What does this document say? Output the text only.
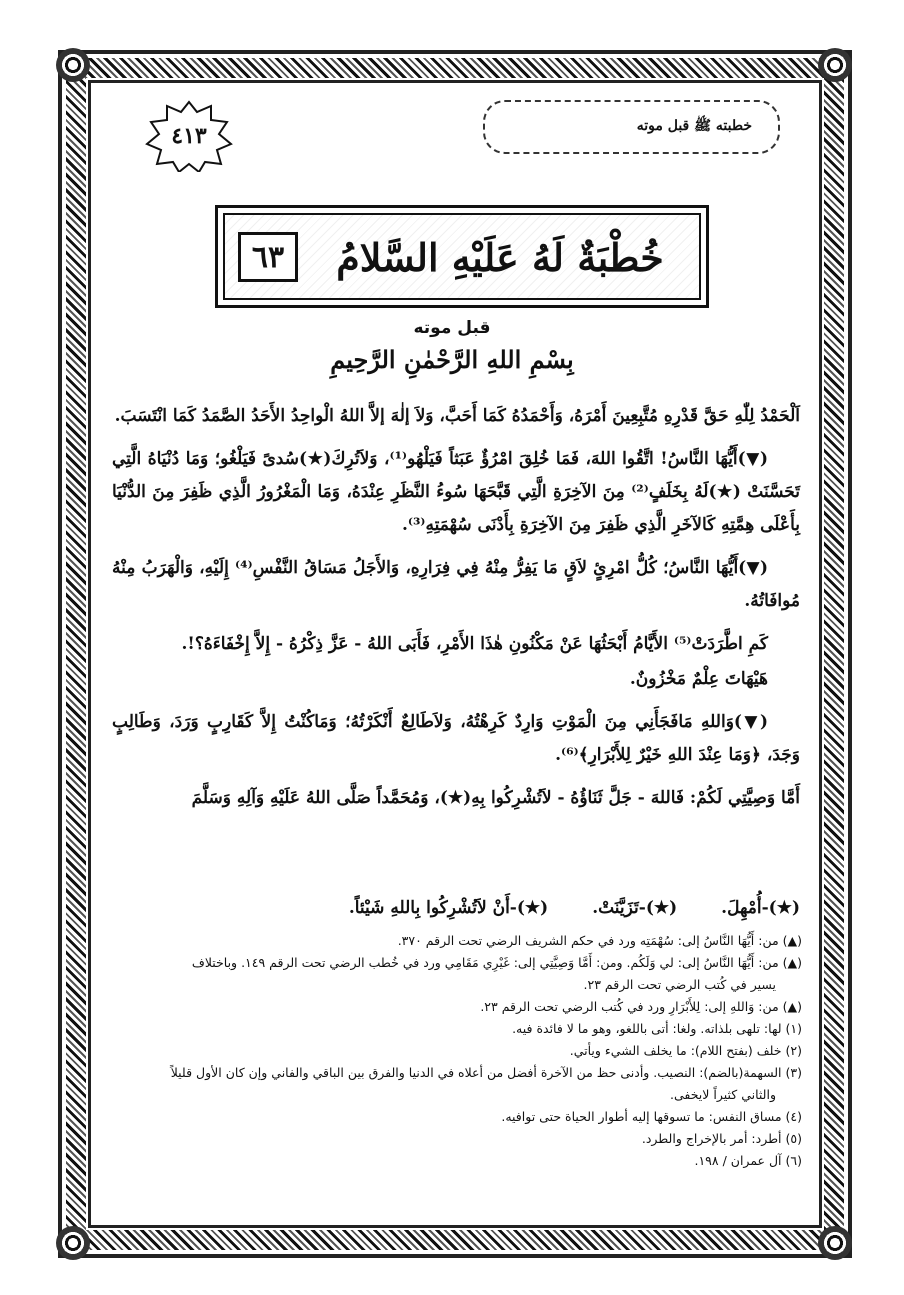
خطبته ﷺ قبل موته
٤١٣
٦٣	خُطْبَةٌ لَهُ عَلَيْهِ السَّلامُ
قبل موته
بِسْمِ اللهِ الرَّحْمٰنِ الرَّحِيمِ

اَلْحَمْدُ لِلّٰهِ حَقَّ قَدْرِهِ مُتَّبِعِينَ أَمْرَهُ، وَأَحْمَدُهُ كَمَا أَحَبَّ، وَلاَ إلٰهَ إلاَّ اللهُ الْواحِدُ الأَحَدُ الصَّمَدُ كَمَا انْتَسَبَ.

(▼)أَيُّهَا النَّاسُ! اتَّقُوا اللهَ، فَمَا خُلِقَ امْرُؤٌ عَبَثاً فَيَلْهُو⁽¹⁾، وَلاَتُرِكَ(★)سُدىً فَيَلْغُو؛ وَمَا دُنْيَاهُ الَّتِي تَحَسَّنَتْ (★)لَهُ بِخَلَفٍ⁽²⁾ مِنَ الآخِرَةِ الَّتِي قَبَّحَهَا سُوءُ النَّظَرِ عِنْدَهُ، وَمَا الْمَغْرُورُ الَّذِي ظَفِرَ مِنَ الدُّنْيَا بِأَعْلَى هِمَّتِهِ كَالآخَرِ الَّذِي ظَفِرَ مِنَ الآخِرَةِ بِأَدْنَى سُهْمَتِهِ⁽³⁾.

(▼)أَيُّهَا النَّاسُ؛ كُلُّ امْرِئٍ لاَقٍ مَا يَفِرُّ مِنْهُ فِي فِرَارِهِ، وَالأَجَلُ مَسَاقُ النَّفْسِ⁽⁴⁾ إِلَيْهِ، وَالْهَرَبُ مِنْهُ مُوافَاتُهُ.

كَمِ اطَّرَدَتْ⁽⁵⁾ الأَيَّامُ أَبْحَثُهَا عَنْ مَكْنُونِ هٰذَا الأَمْرِ، فَأَبَى اللهُ - عَزَّ ذِكْرُهُ - إِلاَّ إِخْفَاءَهُ؟!.

هَيْهَاتَ عِلْمٌ مَخْزُونٌ.

(▼)وَاللهِ مَافَجَأَنِي مِنَ الْمَوْتِ وَارِدٌ كَرِهْتُهُ، وَلاَطَالِعٌ أَنْكَرْتُهُ؛ وَمَاكُنْتُ إِلاَّ كَقَارِبٍ وَرَدَ، وَطَالِبٍ وَجَدَ، ﴿وَمَا عِنْدَ اللهِ خَيْرٌ لِلأَبْرَارِ﴾⁽⁶⁾.

أَمَّا وَصِيَّتِي لَكُمْ: فَاللهَ - جَلَّ ثَنَاؤُهُ - لاَتُشْرِكُوا بِهِ(★)، وَمُحَمَّداً صَلَّى اللهُ عَلَيْهِ وَآلِهِ وَسَلَّمَ

(★)-أُمْهِلَ.
(★)-تَزَيَّنَتْ.
(★)-أَنْ لاَتُشْرِكُوا بِاللهِ شَيْئاً.
(▲) من: أَيُّهَا النَّاسُ إلى: سُهْمَتِه ورد في حكم الشريف الرضي تحت الرقم ٣٧٠.
(▲) من: أَيُّهَا النَّاسُ إلى: لي وَلَكُم. ومن: أَمَّا وَصِيَّتِي إلى: غَيْرِي مَقَامِي ورد في خُطب الرضي تحت الرقم ١٤٩. وباختلاف
يسير في كُتب الرضي تحت الرقم ٢٣.
(▲) من: وَاللهِ إلى: لِلأَبْرَارِ ورد في كُتب الرضي تحت الرقم ٢٣.
(١) لها: تلهى بلذاته. ولغا: أتى باللغو، وهو ما لا فائدة فيه.
(٢) خلف (بفتح اللام): ما يخلف الشيء ويأتي.
(٣) السهمة(بالضم): النصيب. وأدنى حظ من الآخرة أفضل من أعلاه في الدنيا والفرق بين الباقي والفاني وإن كان الأول قليلاً
والثاني كثيراً لايخفى.
(٤) مساق النفس: ما تسوقها إليه أطوار الحياة حتى توافيه.
(٥) أطرد: أمر بالإخراج والطرد.
(٦) آل عمران / ١٩٨.
